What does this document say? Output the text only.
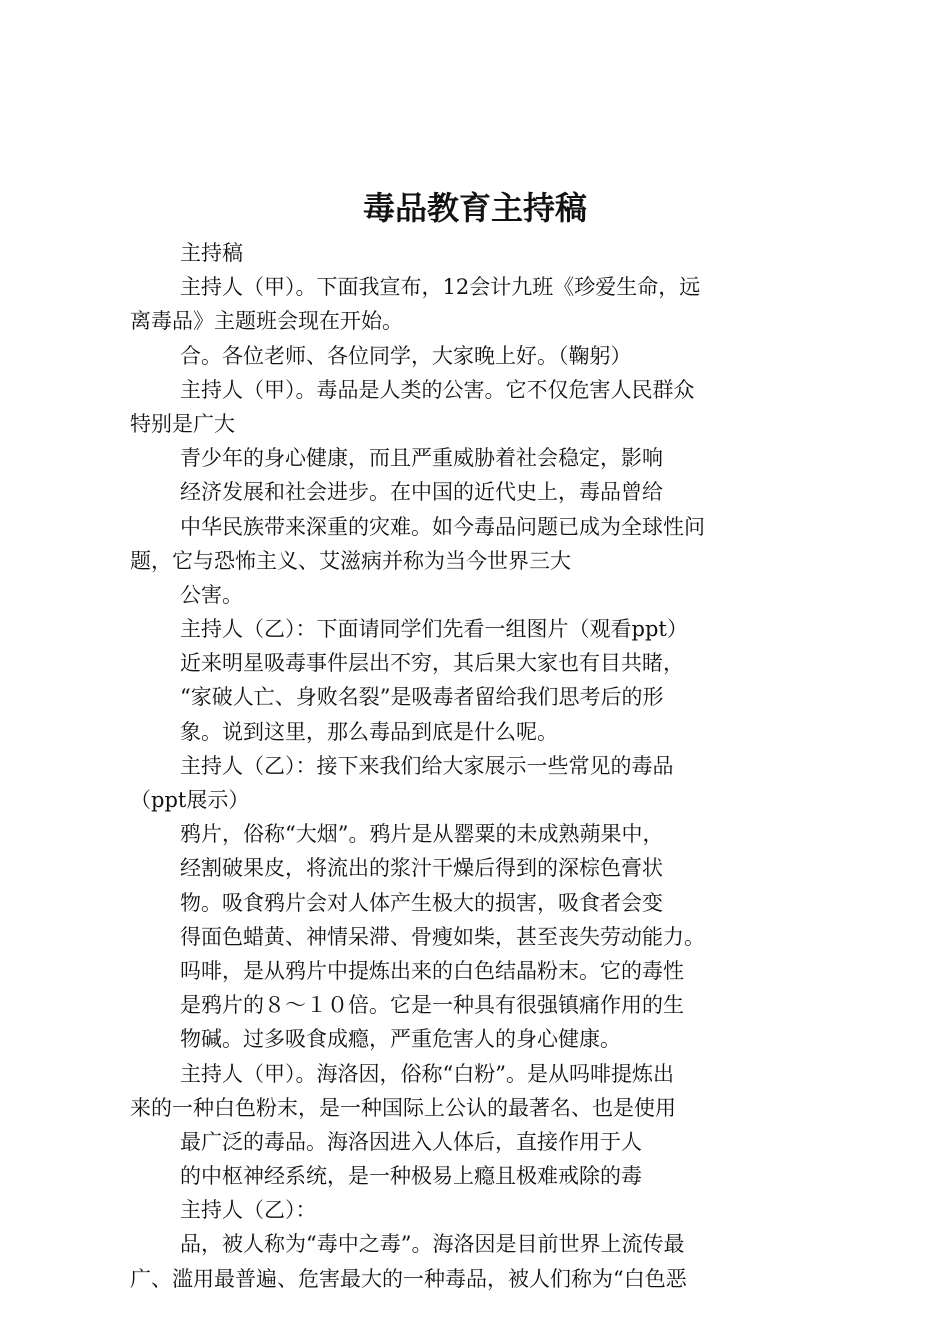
毒品教育主持稿
主持稿
主持人（甲）。下面我宣布，12会计九班《珍爱生命，远
离毒品》主题班会现在开始。
合。各位老师、各位同学，大家晚上好。（鞠躬）
主持人（甲）。毒品是人类的公害。它不仅危害人民群众
特别是广大
青少年的身心健康，而且严重威胁着社会稳定，影响
经济发展和社会进步。在中国的近代史上，毒品曾给
中华民族带来深重的灾难。如今毒品问题已成为全球性问
题，它与恐怖主义、艾滋病并称为当今世界三大
公害。
主持人（乙）：下面请同学们先看一组图片（观看ppt）
近来明星吸毒事件层出不穷，其后果大家也有目共睹，
“家破人亡、身败名裂”是吸毒者留给我们思考后的形
象。说到这里，那么毒品到底是什么呢。
主持人（乙）：接下来我们给大家展示一些常见的毒品
（ppt展示）
鸦片，俗称“大烟”。鸦片是从罂粟的未成熟蒴果中，
经割破果皮，将流出的浆汁干燥后得到的深棕色膏状
物。吸食鸦片会对人体产生极大的损害，吸食者会变
得面色蜡黄、神情呆滞、骨瘦如柴，甚至丧失劳动能力。
吗啡，是从鸦片中提炼出来的白色结晶粉末。它的毒性
是鸦片的８～１０倍。它是一种具有很强镇痛作用的生
物碱。过多吸食成瘾，严重危害人的身心健康。
主持人（甲）。海洛因，俗称“白粉”。是从吗啡提炼出
来的一种白色粉末，是一种国际上公认的最著名、也是使用
最广泛的毒品。海洛因进入人体后，直接作用于人
的中枢神经系统，是一种极易上瘾且极难戒除的毒
主持人（乙）：
品，被人称为“毒中之毒”。海洛因是目前世界上流传最
广、滥用最普遍、危害最大的一种毒品，被人们称为“白色恶
